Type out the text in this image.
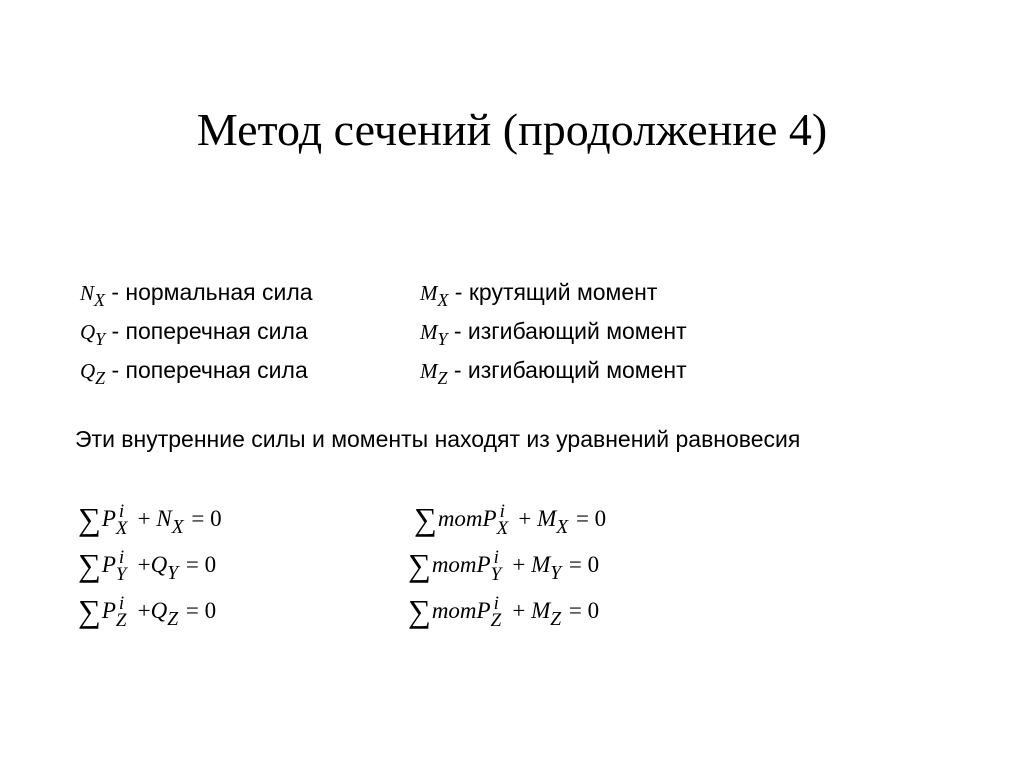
Метод сечений (продолжение 4)
$N_X$ - нормальная сила
$Q_Y$ - поперечная сила
$Q_Z$ - поперечная сила
$M_X$ - крутящий момент
$M_Y$ - изгибающий момент
$M_Z$ - изгибающий момент
Эти внутренние силы и моменты находят из уравнений равновесия
∑P i
$X + N_X = 0$
∑P i
$Y +Q_Y = 0$
∑P i
$Z +Q_Z = 0$
∑momP i
$X + M_X = 0$
∑momP i
$Y + M_Y = 0$
∑momP i
$Z + M_Z = 0$
